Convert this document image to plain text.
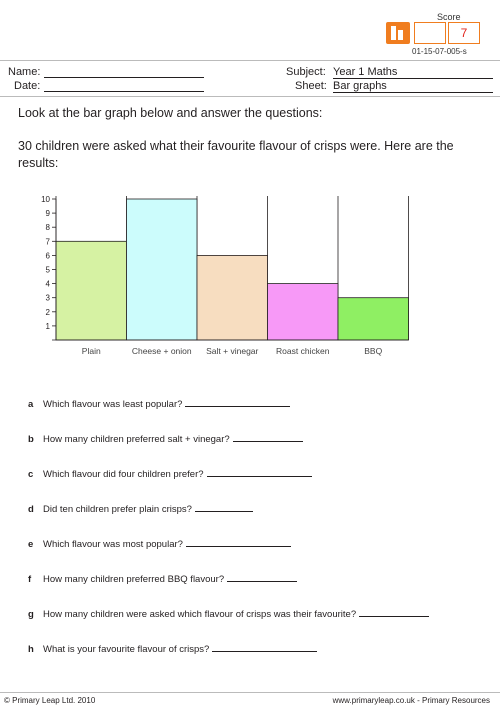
Score
7
01-15-07-005-s
Name:
Date:
Subject: Year 1 Maths
Sheet: Bar graphs
Look at the bar graph below and answer the questions:
30 children were asked what their favourite flavour of crisps were. Here are the results:
1
2
3
4
5
6
7
8
9
10
Plain	Cheese + onion Salt + vinegar Roast chicken	BBQ
a Which flavour was least popular?
b How many children preferred salt + vinegar?
c Which flavour did four children prefer?
d Did ten children prefer plain crisps?
e Which flavour was most popular?
f How many children preferred BBQ flavour?
g How many children were asked which flavour of crisps was their favourite?
h What is your favourite flavour of crisps?
© Primary Leap Ltd. 2010	www.primaryleap.co.uk - Primary Resources
